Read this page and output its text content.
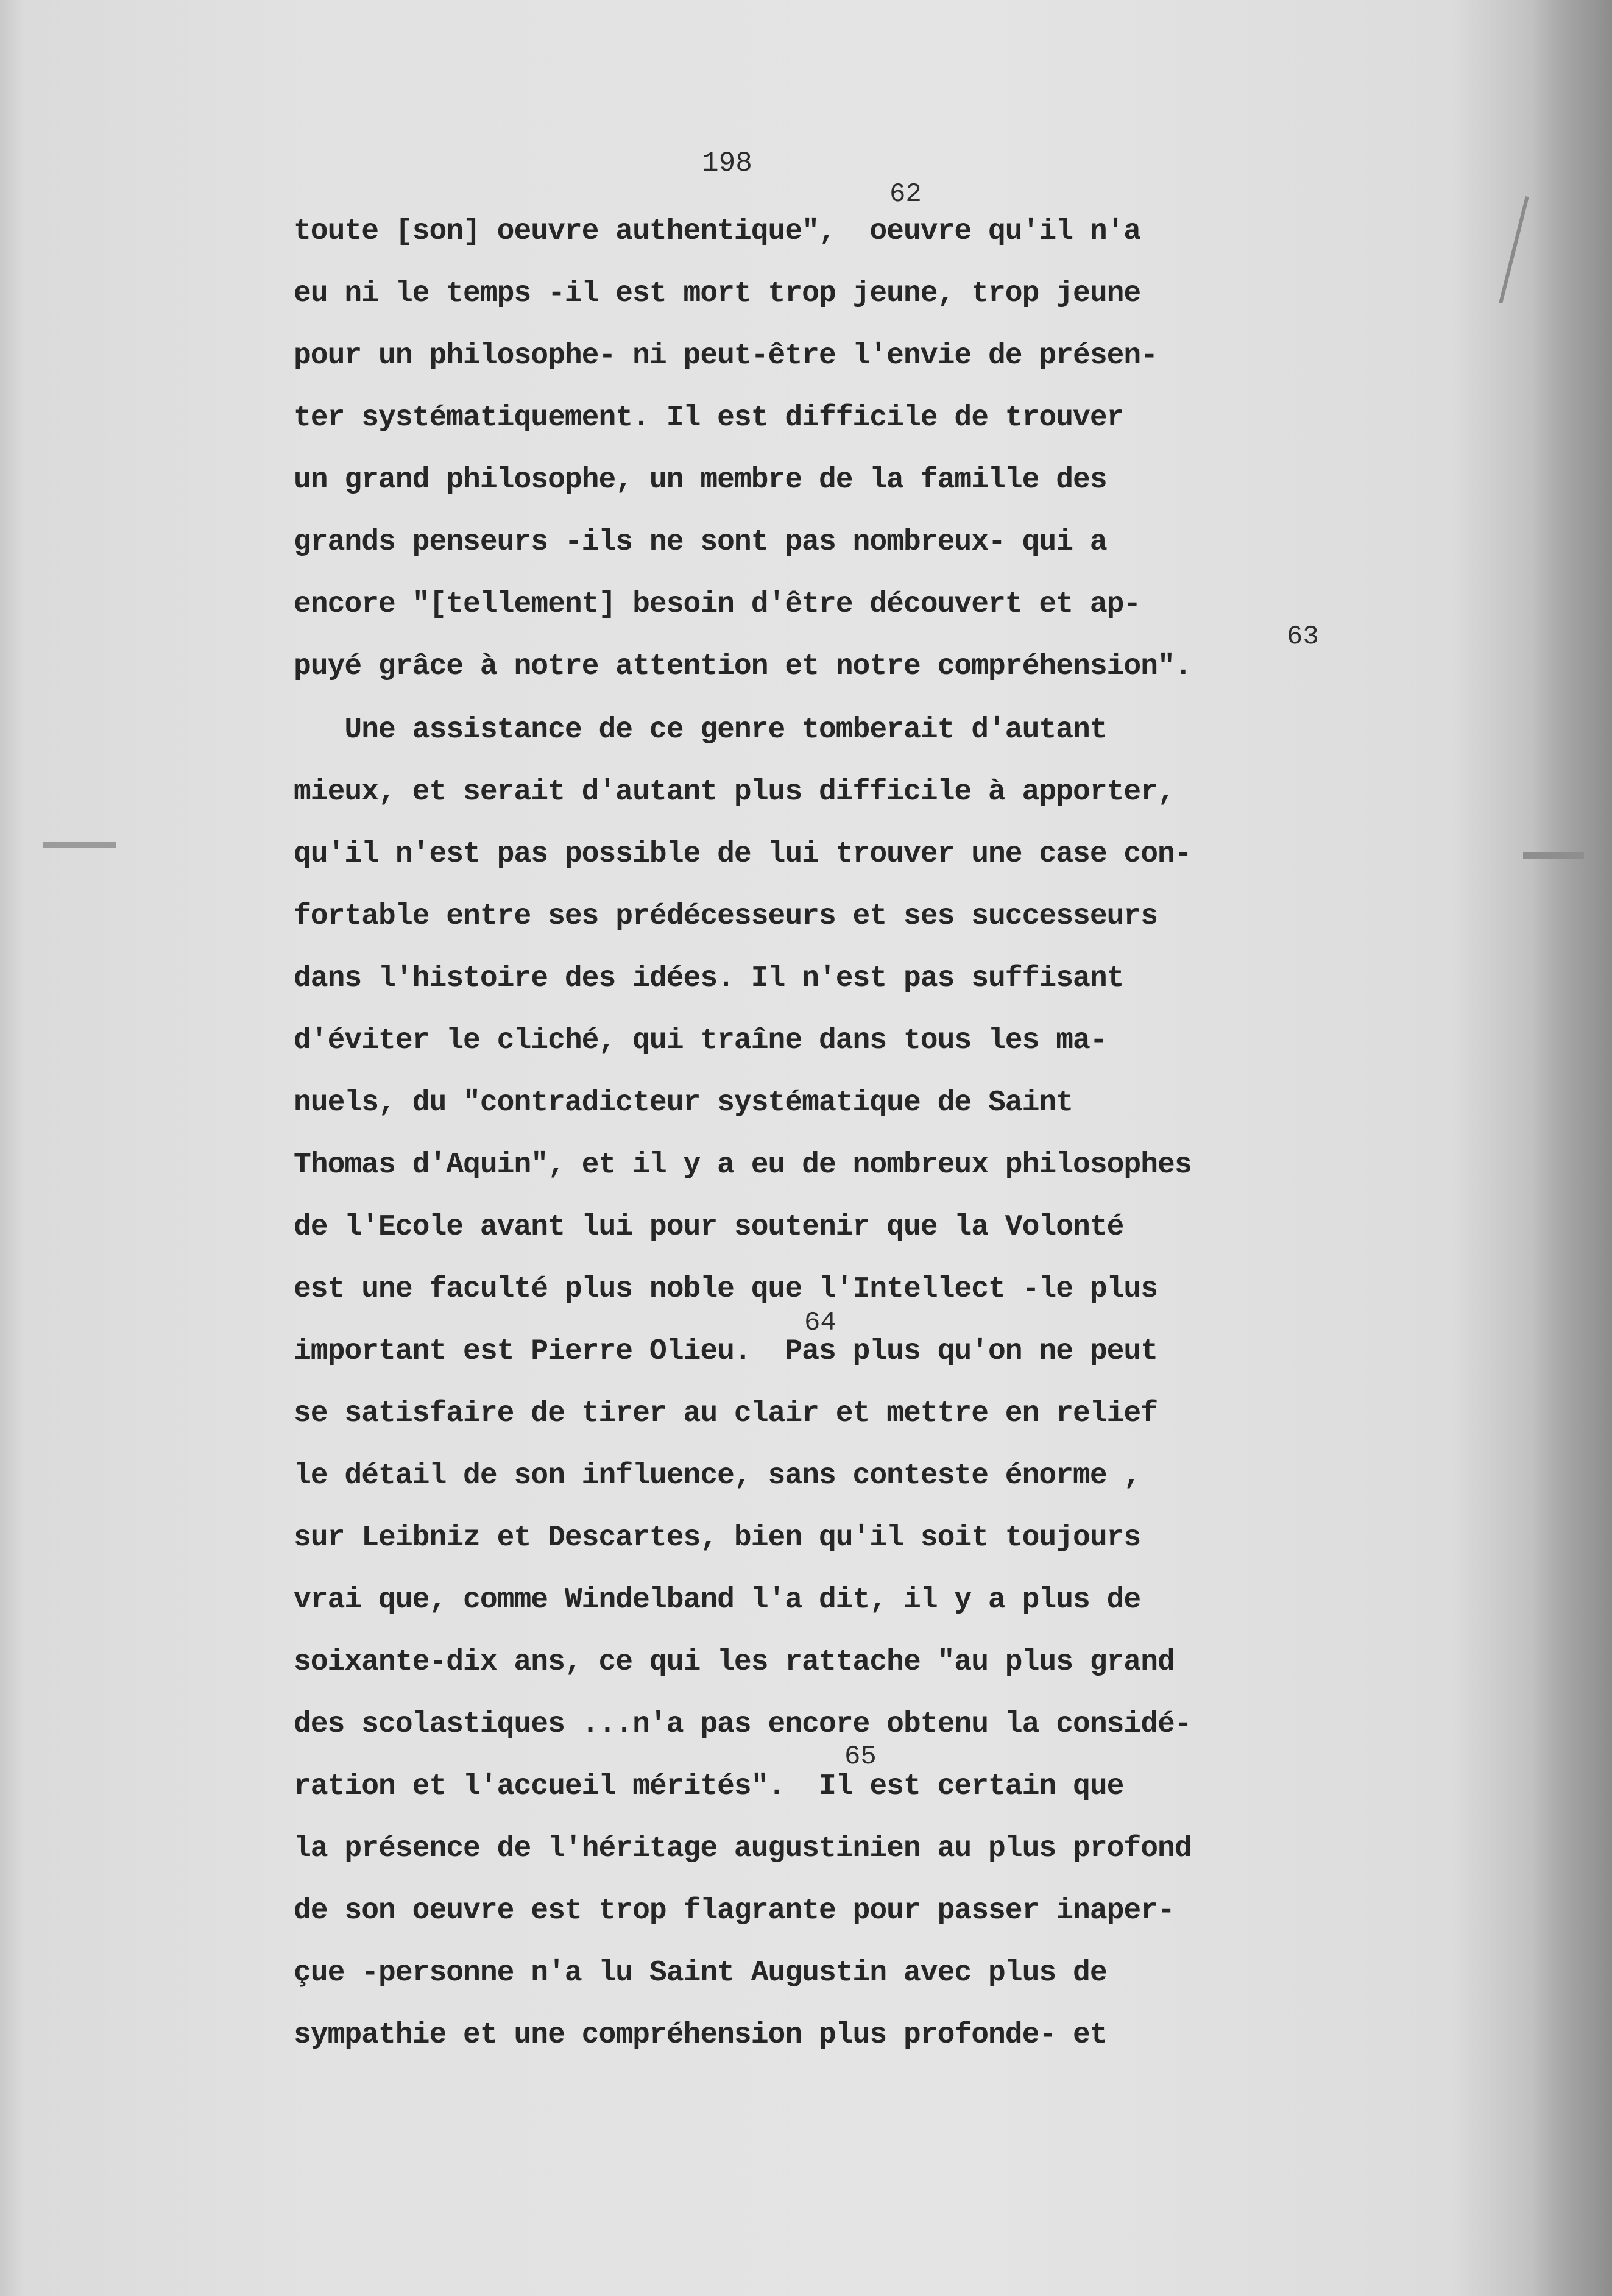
198
toute [son] oeuvre authentique",  oeuvre qu'il n'a
eu ni le temps -il est mort trop jeune, trop jeune
pour un philosophe- ni peut-être l'envie de présen-
ter systématiquement. Il est difficile de trouver
un grand philosophe, un membre de la famille des
grands penseurs -ils ne sont pas nombreux- qui a
encore "[tellement] besoin d'être découvert et ap-
puyé grâce à notre attention et notre compréhension".
Une assistance de ce genre tomberait d'autant
mieux, et serait d'autant plus difficile à apporter,
qu'il n'est pas possible de lui trouver une case con-
fortable entre ses prédécesseurs et ses successeurs
dans l'histoire des idées. Il n'est pas suffisant
d'éviter le cliché, qui traîne dans tous les ma-
nuels, du "contradicteur systématique de Saint
Thomas d'Aquin", et il y a eu de nombreux philosophes
de l'Ecole avant lui pour soutenir que la Volonté
est une faculté plus noble que l'Intellect -le plus
important est Pierre Olieu.  Pas plus qu'on ne peut
se satisfaire de tirer au clair et mettre en relief
le détail de son influence, sans conteste énorme ,
sur Leibniz et Descartes, bien qu'il soit toujours
vrai que, comme Windelband l'a dit, il y a plus de
soixante-dix ans, ce qui les rattache "au plus grand
des scolastiques ...n'a pas encore obtenu la considé-
ration et l'accueil mérités".  Il est certain que
la présence de l'héritage augustinien au plus profond
de son oeuvre est trop flagrante pour passer inaper-
çue -personne n'a lu Saint Augustin avec plus de
sympathie et une compréhension plus profonde- et
62
63
64
65
